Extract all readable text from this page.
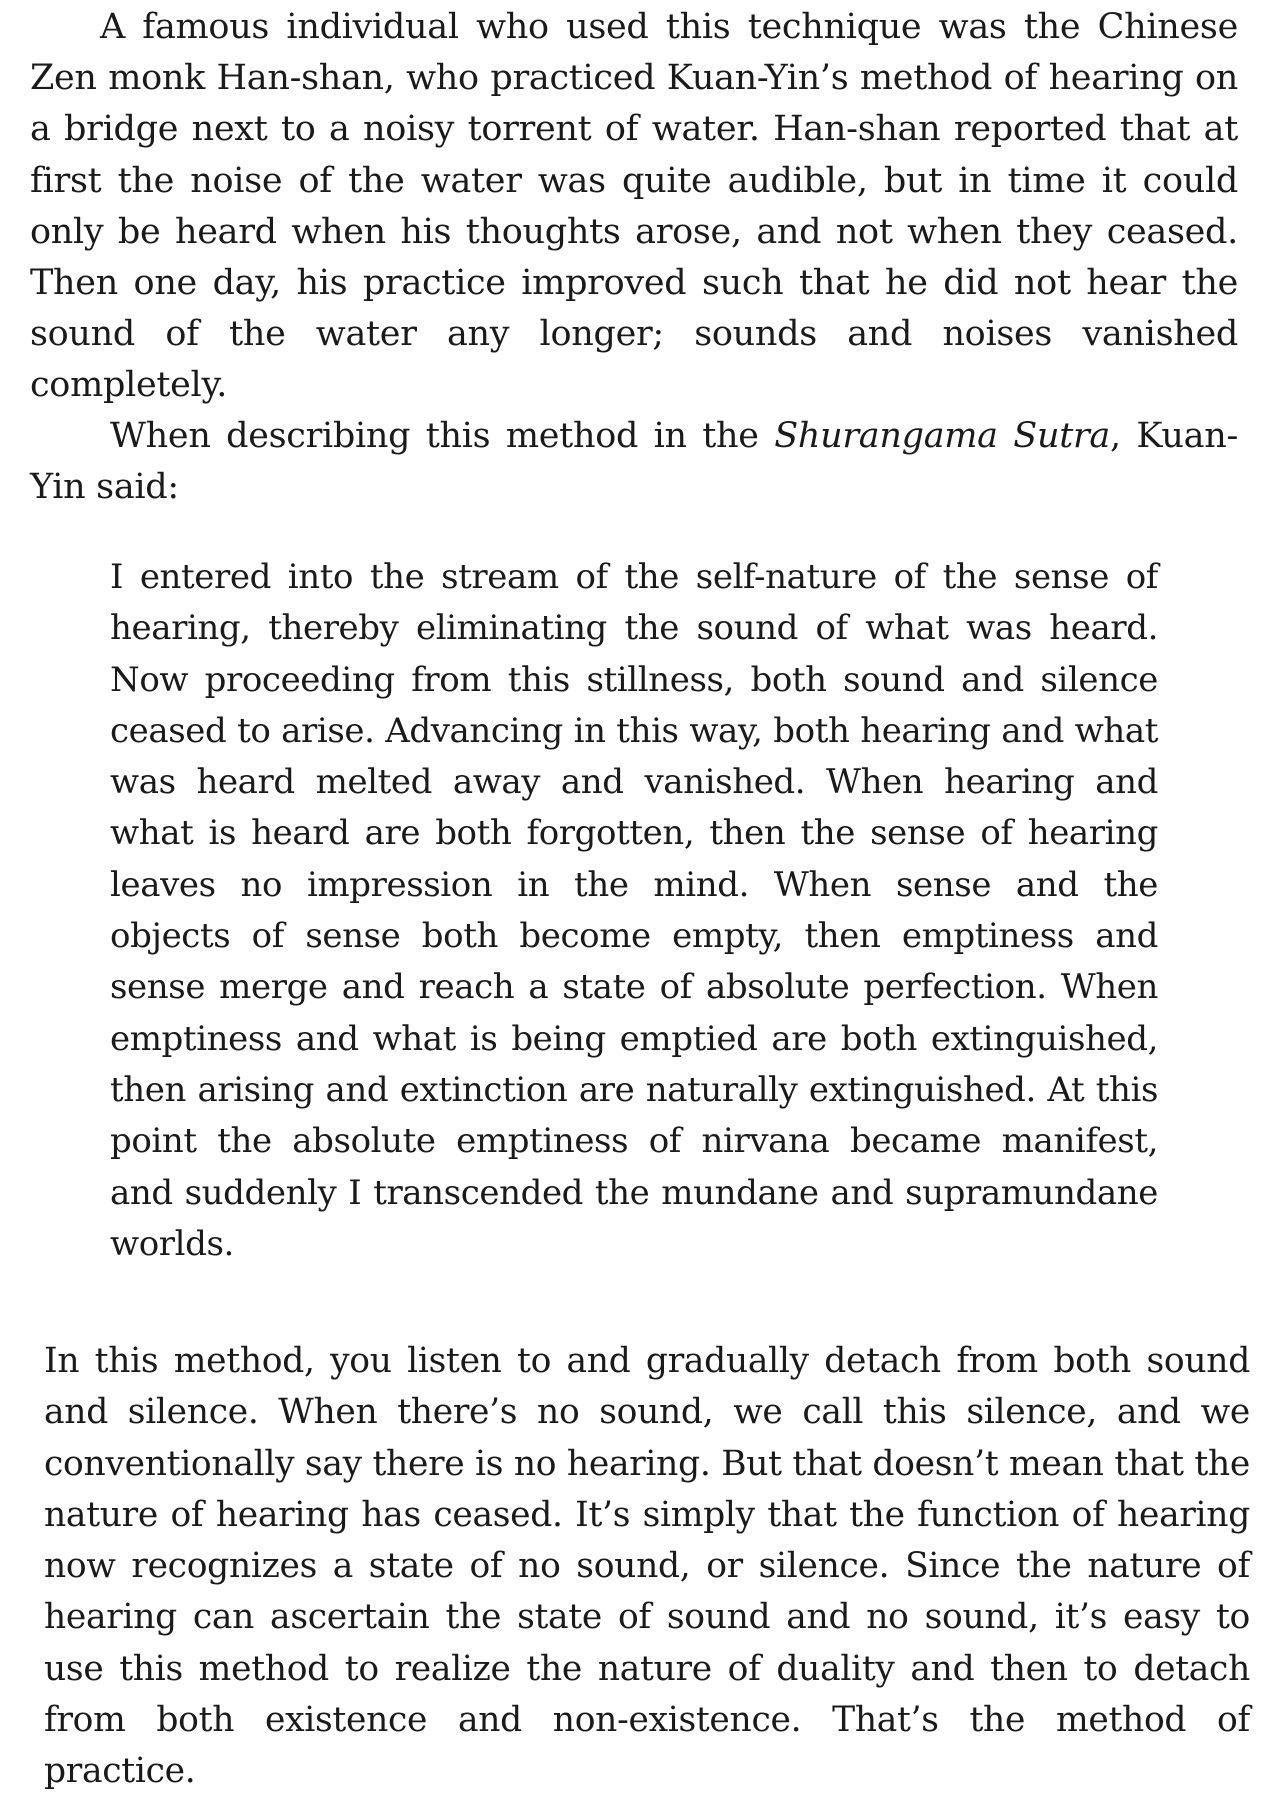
A famous individual who used this technique was the Chinese Zen monk Han-shan, who practiced Kuan-Yin’s method of hearing on a bridge next to a noisy torrent of water. Han-shan reported that at first the noise of the water was quite audible, but in time it could only be heard when his thoughts arose, and not when they ceased. Then one day, his practice improved such that he did not hear the sound of the water any longer; sounds and noises vanished completely.

When describing this method in the Shurangama Sutra, Kuan-Yin said:

I entered into the stream of the self-nature of the sense of hearing, thereby eliminating the sound of what was heard. Now proceeding from this stillness, both sound and silence ceased to arise. Advancing in this way, both hearing and what was heard melted away and vanished. When hearing and what is heard are both forgotten, then the sense of hearing leaves no impression in the mind. When sense and the objects of sense both become empty, then emptiness and sense merge and reach a state of absolute perfection. When emptiness and what is being emptied are both extinguished, then arising and extinction are naturally extinguished. At this point the absolute emptiness of nirvana became manifest, and suddenly I transcended the mundane and supramundane worlds.

In this method, you listen to and gradually detach from both sound and silence. When there’s no sound, we call this silence, and we conventionally say there is no hearing. But that doesn’t mean that the nature of hearing has ceased. It’s simply that the function of hearing now recognizes a state of no sound, or silence. Since the nature of hearing can ascertain the state of sound and no sound, it’s easy to use this method to realize the nature of duality and then to detach from both existence and non-existence. That’s the method of practice.
